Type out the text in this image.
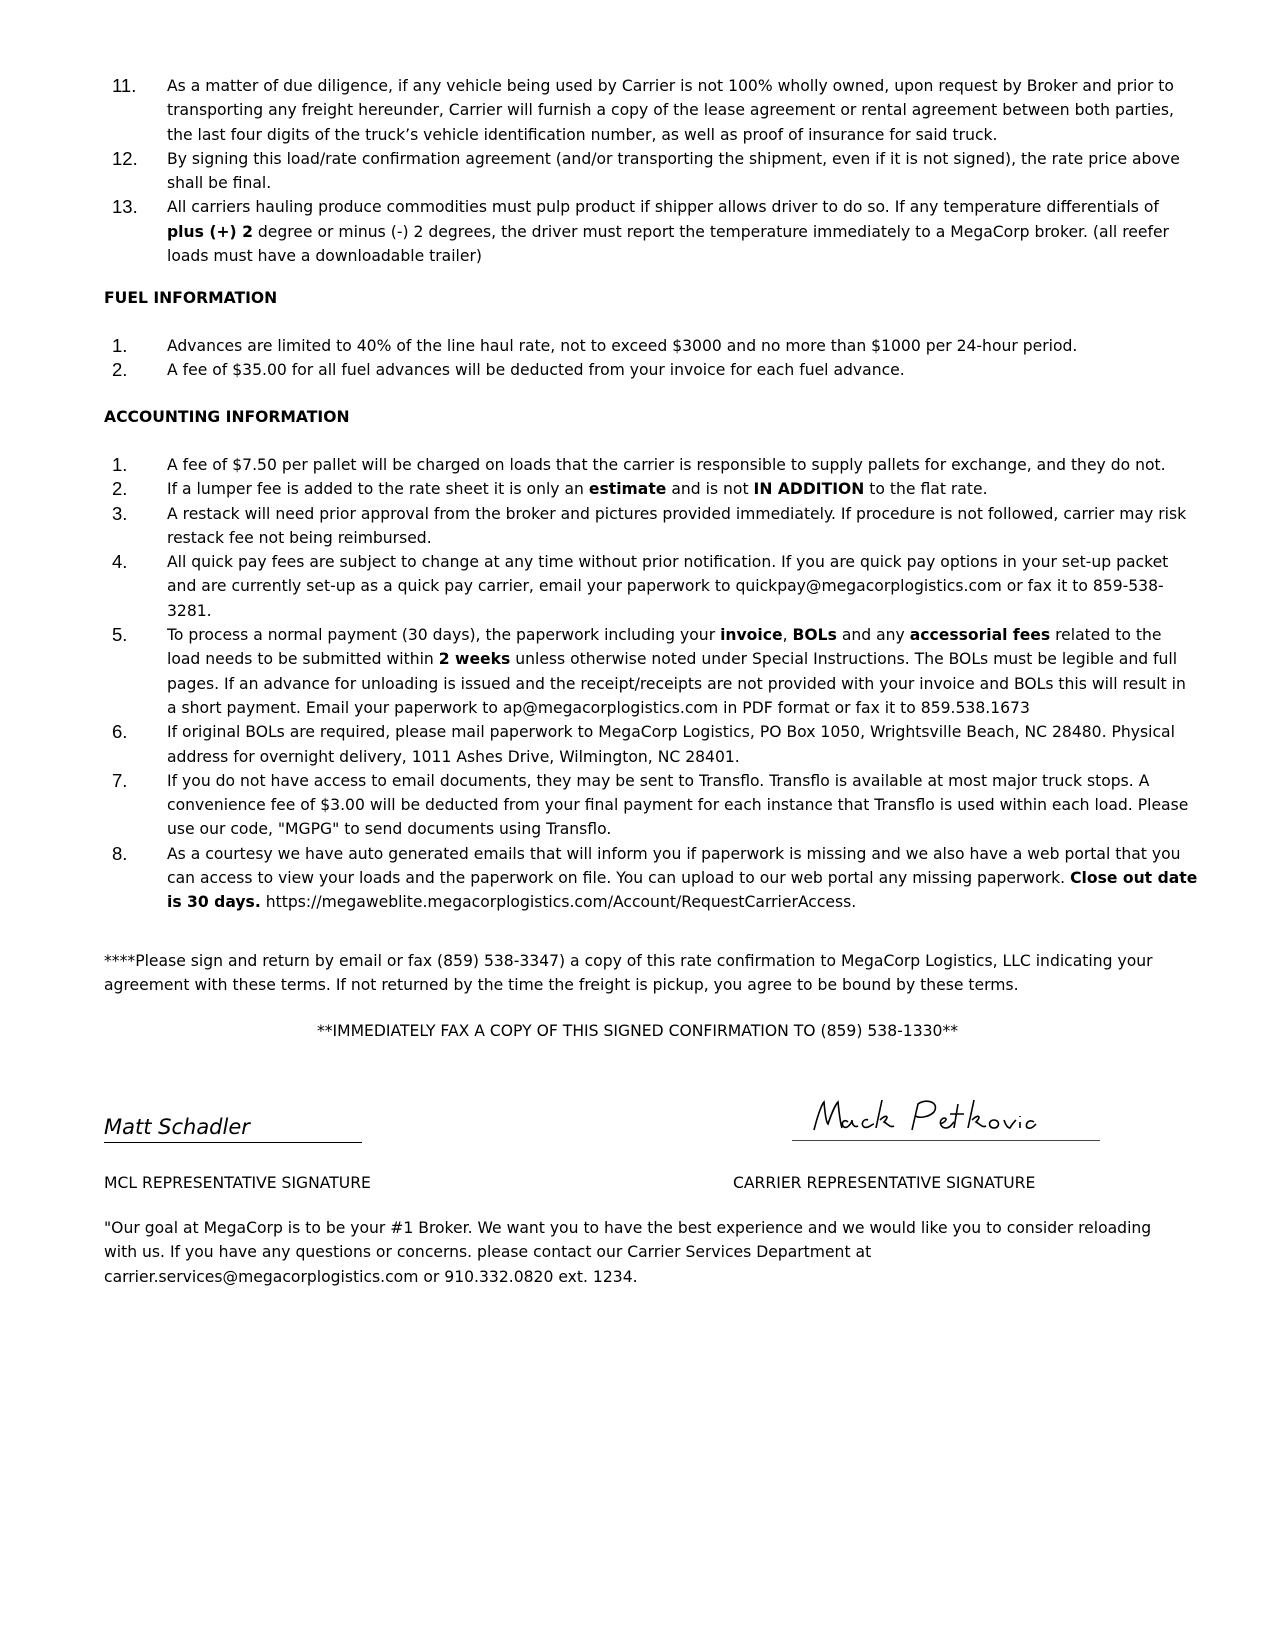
11.	As a matter of due diligence, if any vehicle being used by Carrier is not 100% wholly owned, upon request by Broker and prior to transporting any freight hereunder, Carrier will furnish a copy of the lease agreement or rental agreement between both parties, the last four digits of the truck’s vehicle identification number, as well as proof of insurance for said truck.
12.	By signing this load/rate confirmation agreement (and/or transporting the shipment, even if it is not signed), the rate price above shall be final.
13.	All carriers hauling produce commodities must pulp product if shipper allows driver to do so. If any temperature differentials of plus (+) 2 degree or minus (-) 2 degrees, the driver must report the temperature immediately to a MegaCorp broker. (all reefer loads must have a downloadable trailer)
FUEL INFORMATION
1.	Advances are limited to 40% of the line haul rate, not to exceed $3000 and no more than $1000 per 24-hour period.
2.	A fee of $35.00 for all fuel advances will be deducted from your invoice for each fuel advance.
ACCOUNTING INFORMATION
1.	A fee of $7.50 per pallet will be charged on loads that the carrier is responsible to supply pallets for exchange, and they do not.
2.	If a lumper fee is added to the rate sheet it is only an estimate and is not IN ADDITION to the flat rate.
3.	A restack will need prior approval from the broker and pictures provided immediately. If procedure is not followed, carrier may risk restack fee not being reimbursed.
4.	All quick pay fees are subject to change at any time without prior notification. If you are quick pay options in your set-up packet and are currently set-up as a quick pay carrier, email your paperwork to quickpay@megacorplogistics.com or fax it to 859-538-3281.
5.	To process a normal payment (30 days), the paperwork including your invoice, BOLs and any accessorial fees related to the load needs to be submitted within 2 weeks unless otherwise noted under Special Instructions. The BOLs must be legible and full pages. If an advance for unloading is issued and the receipt/receipts are not provided with your invoice and BOLs this will result in a short payment. Email your paperwork to ap@megacorplogistics.com in PDF format or fax it to 859.538.1673
6.	If original BOLs are required, please mail paperwork to MegaCorp Logistics, PO Box 1050, Wrightsville Beach, NC 28480. Physical address for overnight delivery, 1011 Ashes Drive, Wilmington, NC 28401.
7.	If you do not have access to email documents, they may be sent to Transflo. Transflo is available at most major truck stops. A convenience fee of $3.00 will be deducted from your final payment for each instance that Transflo is used within each load. Please use our code, "MGPG" to send documents using Transflo.
8.	As a courtesy we have auto generated emails that will inform you if paperwork is missing and we also have a web portal that you can access to view your loads and the paperwork on file. You can upload to our web portal any missing paperwork. Close out date is 30 days. https://megaweblite.megacorplogistics.com/Account/RequestCarrierAccess.
****Please sign and return by email or fax (859) 538-3347) a copy of this rate confirmation to MegaCorp Logistics, LLC indicating your agreement with these terms. If not returned by the time the freight is pickup, you agree to be bound by these terms.
**IMMEDIATELY FAX A COPY OF THIS SIGNED CONFIRMATION TO (859) 538-1330**
Matt Schadler
MCL REPRESENTATIVE SIGNATURE	CARRIER REPRESENTATIVE SIGNATURE
"Our goal at MegaCorp is to be your #1 Broker. We want you to have the best experience and we would like you to consider reloading with us. If you have any questions or concerns. please contact our Carrier Services Department at carrier.services@megacorplogistics.com or 910.332.0820 ext. 1234.
